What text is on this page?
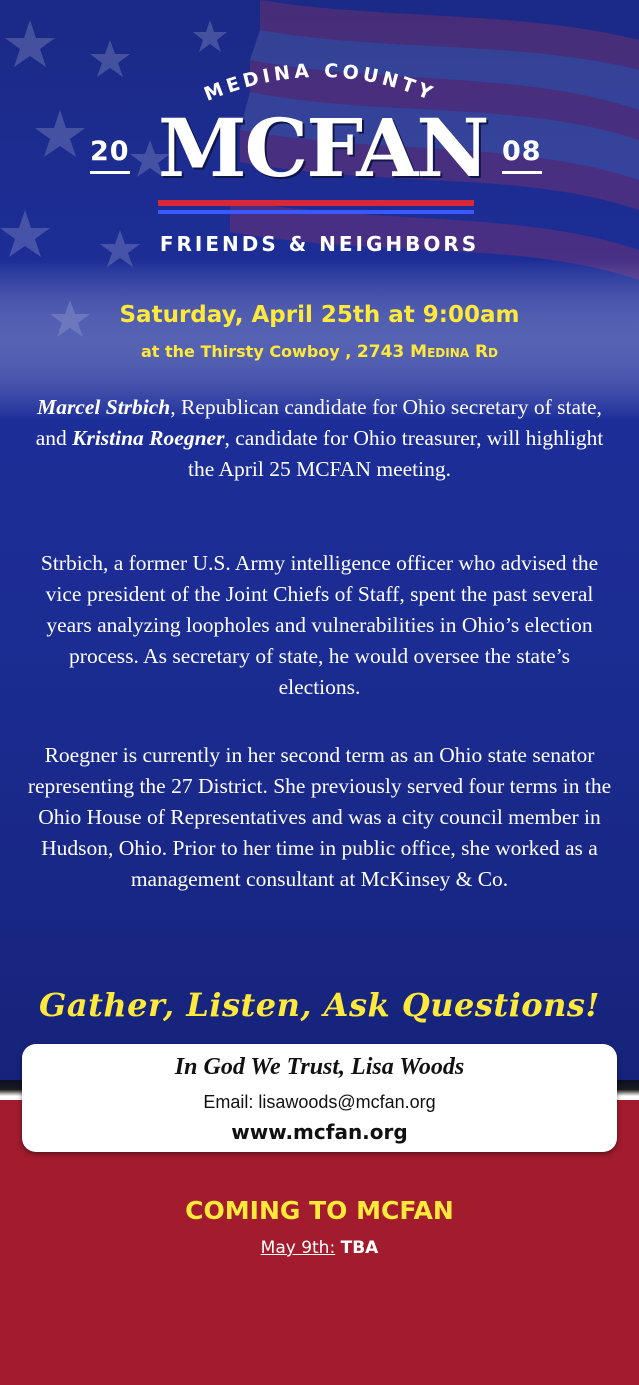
MEDINA COUNTY
20	08
MCFAN
FRIENDS & NEIGHBORS
Saturday, April 25th at 9:00am
at the Thirsty Cowboy , 2743 Medina Rd
Marcel Strbich, Republican candidate for Ohio secretary of state, and Kristina Roegner, candidate for Ohio treasurer, will highlight the April 25 MCFAN meeting.
Strbich, a former U.S. Army intelligence officer who advised the vice president of the Joint Chiefs of Staff, spent the past several years analyzing loopholes and vulnerabilities in Ohio’s election process. As secretary of state, he would oversee the state’s elections.
Roegner is currently in her second term as an Ohio state senator representing the 27 District. She previously served four terms in the Ohio House of Representatives and was a city council member in Hudson, Ohio. Prior to her time in public office, she worked as a management consultant at McKinsey & Co.
Gather, Listen, Ask Questions!
In God We Trust, Lisa Woods
Email: lisawoods@mcfan.org
www.mcfan.org
COMING TO MCFAN
May 9th: TBA
